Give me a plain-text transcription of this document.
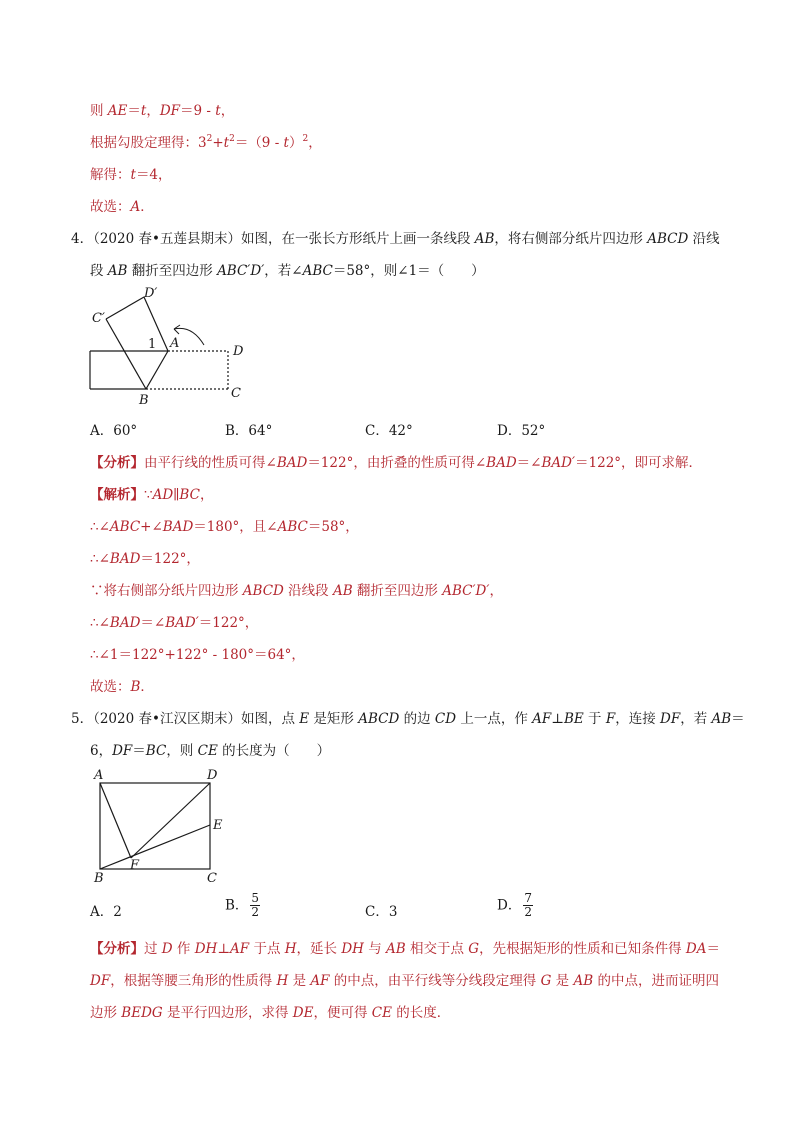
则 AE＝t，DF＝9 - t，
根据勾股定理得：$3^2+t^2=(9 - t)^2$，
解得：t＝4，
故选：A．
4．（2020 春•五莲县期末）如图，在一张长方形纸片上画一条线段 AB，将右侧部分纸片四边形 ABCD 沿线
段 AB 翻折至四边形 ABC′D′，若∠ABC＝58°，则∠1＝（　　）
C′
D′
1 A
D
B	C
A．60°	B．64°	C．42°	D．52°
【分析】由平行线的性质可得∠BAD＝122°，由折叠的性质可得∠BAD＝∠BAD′＝122°，即可求解．
【解析】∵AD∥BC，
∴∠ABC+∠BAD＝180°，且∠ABC＝58°，
∴∠BAD＝122°，
∵将右侧部分纸片四边形 ABCD 沿线段 AB 翻折至四边形 ABC′D′，
∴∠BAD＝∠BAD′＝122°，
∴∠1＝122°+122° - 180°＝64°，
故选：B．
5．（2020 春•江汉区期末）如图，点 E 是矩形 ABCD 的边 CD 上一点，作 AF⊥BE 于 F，连接 DF，若 AB＝
6，DF＝BC，则 CE 的长度为（　　）
A	D
E
F
B	C
A．2	B． $\frac{5}{2}$	C．3	D． $\frac{7}{2}$
【分析】过 D 作 DH⊥AF 于点 H，延长 DH 与 AB 相交于点 G，先根据矩形的性质和已知条件得 DA＝
DF，根据等腰三角形的性质得 H 是 AF 的中点，由平行线等分线段定理得 G 是 AB 的中点，进而证明四
边形 BEDG 是平行四边形，求得 DE，便可得 CE 的长度．
